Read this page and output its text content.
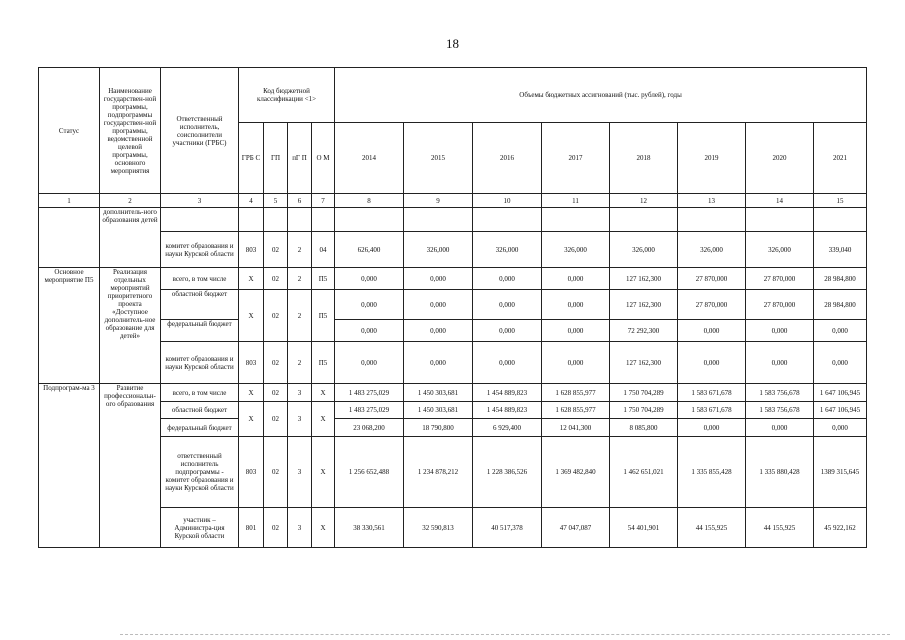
18
Статус	Наименование государствен-ной программы, подпрограммы государствен-ной программы, ведомственной целевой программы, основного мероприятия	Ответственный исполнитель, соисполнители участники (ГРБС)	Код бюджетной классификации <1>				Объемы бюджетных ассигнований (тыс. рублей), годы							
			ГРБ С	ГП	пГ П	О М	2014	2015	2016	2017	2018	2019	2020	2021
1	2	3	4	5	6	7	8	9	10	11	12	13	14	15
	дополнитель-ного образования детей													
		комитет образования и науки Курской области	803	02	2	04	626,400	326,000	326,000	326,000	326,000	326,000	326,000	339,040
Основное мероприятие П5	Реализация отдельных мероприятий приоритетного проекта «Доступное дополнитель-ное образование для детей»	всего, в том числе	Х	02	2	П5	0,000	0,000	0,000	0,000	127 162,300	27 870,000	27 870,000	28 984,800
		областной бюджет	Х	02	2	П5	0,000	0,000	0,000	0,000	127 162,300	27 870,000	27 870,000	28 984,800
		федеральный бюджет					0,000	0,000	0,000	0,000	72 292,300	0,000	0,000	0,000
		комитет образования и науки Курской области	803	02	2	П5	0,000	0,000	0,000	0,000	127 162,300	0,000	0,000	0,000
Подпрограм-ма 3	Развитие профессиональн-ого образования	всего, в том числе	Х	02	3	Х	1 483 275,029	1 450 303,681	1 454 889,823	1 628 855,977	1 750 704,289	1 583 671,678	1 583 756,678	1 647 106,945
		областной бюджет	Х	02	3	Х	1 483 275,029	1 450 303,681	1 454 889,823	1 628 855,977	1 750 704,289	1 583 671,678	1 583 756,678	1 647 106,945
		федеральный бюджет					23 068,200	18 790,800	6 929,400	12 041,300	8 085,800	0,000	0,000	0,000
		ответственный исполнитель подпрограммы - комитет образования и науки Курской области	803	02	3	Х	1 256 652,488	1 234 878,212	1 228 386,526	1 369 482,840	1 462 651,021	1 335 855,428	1 335 880,428	1389 315,645
		участник – Администра-ция Курской области	801	02	3	Х	38 330,561	32 590,813	40 517,378	47 047,087	54 401,901	44 155,925	44 155,925	45 922,162
